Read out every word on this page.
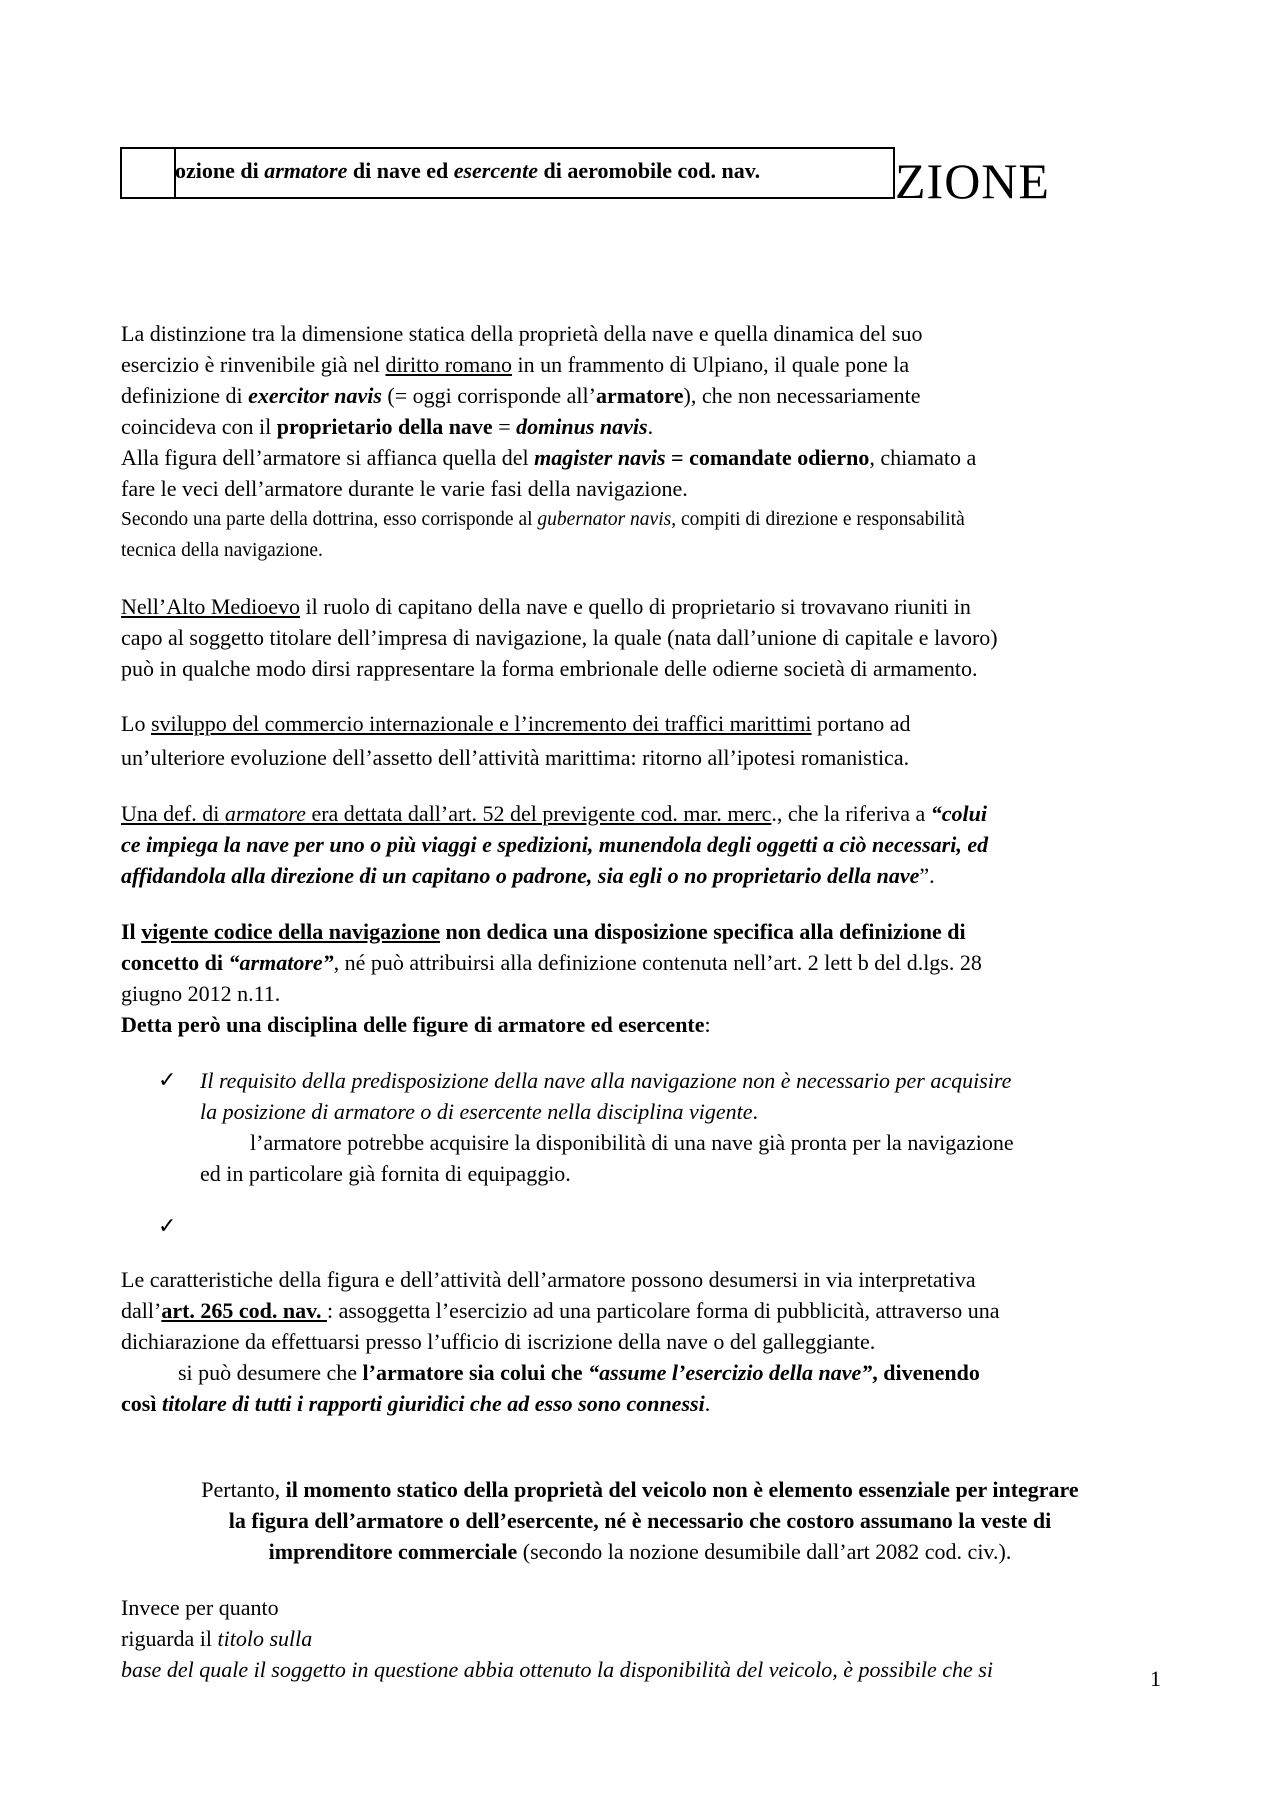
ozione di armatore di nave ed esercente di aeromobile cod. nav.	ZIONE
La distinzione tra la dimensione statica della proprietà della nave e quella dinamica del suo
esercizio è rinvenibile già nel diritto romano in un frammento di Ulpiano, il quale pone la
definizione di exercitor navis (= oggi corrisponde all’armatore), che non necessariamente
coincideva con il proprietario della nave = dominus navis.
Alla figura dell’armatore si affianca quella del magister navis = comandate odierno, chiamato a
fare le veci dell’armatore durante le varie fasi della navigazione.
Secondo una parte della dottrina, esso corrisponde al gubernator navis, compiti di direzione e responsabilità
tecnica della navigazione.
Nell’Alto Medioevo il ruolo di capitano della nave e quello di proprietario si trovavano riuniti in
capo al soggetto titolare dell’impresa di navigazione, la quale (nata dall’unione di capitale e lavoro)
può in qualche modo dirsi rappresentare la forma embrionale delle odierne società di armamento.
Lo sviluppo del commercio internazionale e l’incremento dei traffici marittimi portano ad
un’ulteriore evoluzione dell’assetto dell’attività marittima: ritorno all’ipotesi romanistica.
Una def. di armatore era dettata dall’art. 52 del previgente cod. mar. merc., che la riferiva a “colui
ce impiega la nave per uno o più viaggi e spedizioni, munendola degli oggetti a ciò necessari, ed
affidandola alla direzione di un capitano o padrone, sia egli o no proprietario della nave”.
Il vigente codice della navigazione non dedica una disposizione specifica alla definizione di
concetto di “armatore”, né può attribuirsi alla definizione contenuta nell’art. 2 lett b del d.lgs. 28
giugno 2012 n.11.
Detta però una disciplina delle figure di armatore ed esercente:
✓ Il requisito della predisposizione della nave alla navigazione non è necessario per acquisire
la posizione di armatore o di esercente nella disciplina vigente.
l’armatore potrebbe acquisire la disponibilità di una nave già pronta per la navigazione
ed in particolare già fornita di equipaggio.
✓
Le caratteristiche della figura e dell’attività dell’armatore possono desumersi in via interpretativa
dall’art. 265 cod. nav. : assoggetta l’esercizio ad una particolare forma di pubblicità, attraverso una
dichiarazione da effettuarsi presso l’ufficio di iscrizione della nave o del galleggiante.
si può desumere che l’armatore sia colui che “assume l’esercizio della nave”, divenendo
così titolare di tutti i rapporti giuridici che ad esso sono connessi.
Pertanto, il momento statico della proprietà del veicolo non è elemento essenziale per integrare
la figura dell’armatore o dell’esercente, né è necessario che costoro assumano la veste di
imprenditore commerciale (secondo la nozione desumibile dall’art 2082 cod. civ.).
Invece per quanto
riguarda il titolo sulla
base del quale il soggetto in questione abbia ottenuto la disponibilità del veicolo, è possibile che si	1
